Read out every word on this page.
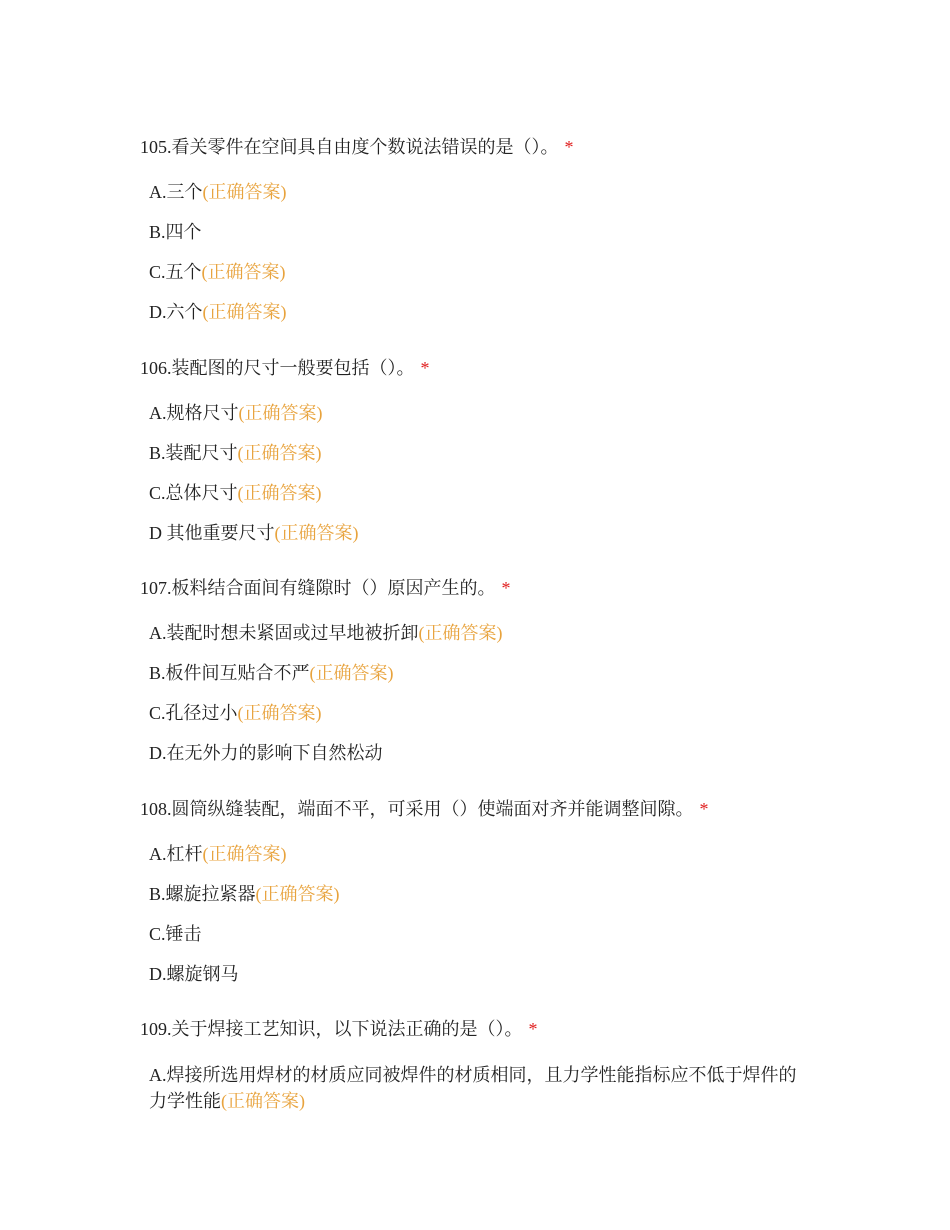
105.看关零件在空间具自由度个数说法错误的是（）。 *
A.三个(正确答案)
B.四个
C.五个(正确答案)
D.六个(正确答案)
106.装配图的尺寸一般要包括（）。 *
A.规格尺寸(正确答案)
B.装配尺寸(正确答案)
C.总体尺寸(正确答案)
D 其他重要尺寸(正确答案)
107.板料结合面间有缝隙时（）原因产生的。 *
A.装配时想未紧固或过早地被折卸(正确答案)
B.板件间互贴合不严(正确答案)
C.孔径过小(正确答案)
D.在无外力的影响下自然松动
108.圆筒纵缝装配，端面不平，可采用（）使端面对齐并能调整间隙。 *
A.杠杆(正确答案)
B.螺旋拉紧器(正确答案)
C.锤击
D.螺旋钢马
109.关于焊接工艺知识，以下说法正确的是（）。 *
A.焊接所选用焊材的材质应同被焊件的材质相同，且力学性能指标应不低于焊件的力学性能(正确答案)
